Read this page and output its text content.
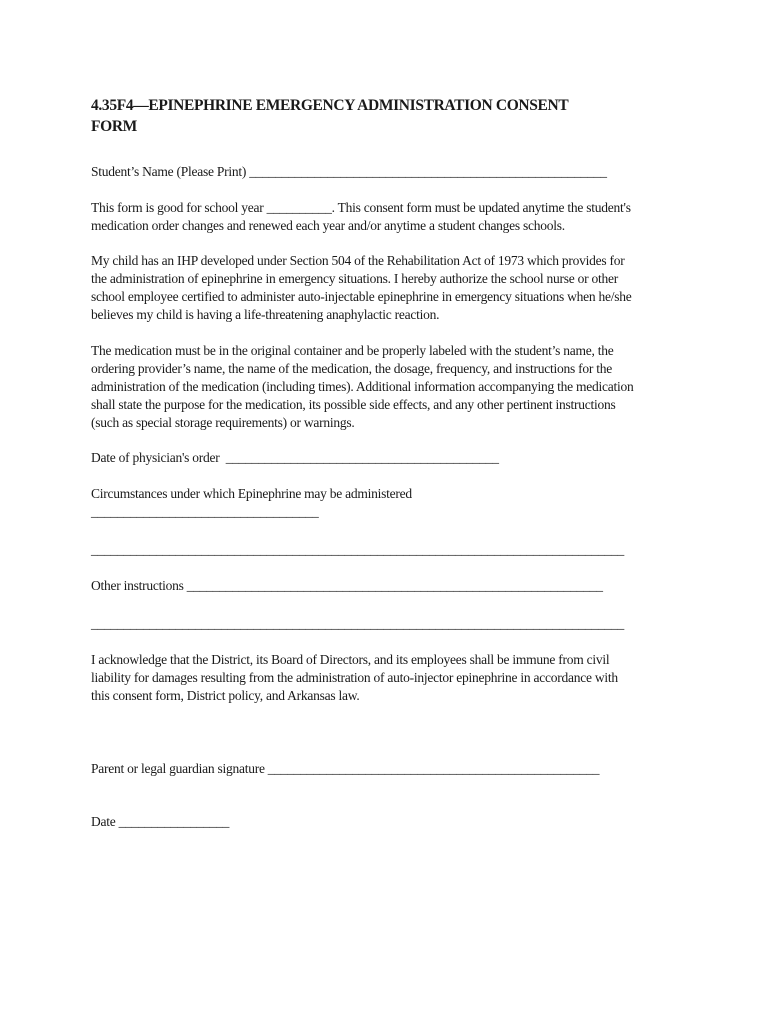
4.35F4—EPINEPHRINE EMERGENCY ADMINISTRATION CONSENT
FORM

Student’s Name (Please Print) _______________________________________________________

This form is good for school year __________. This consent form must be updated anytime the student's
medication order changes and renewed each year and/or anytime a student changes schools.

My child has an IHP developed under Section 504 of the Rehabilitation Act of 1973 which provides for
the administration of epinephrine in emergency situations. I hereby authorize the school nurse or other
school employee certified to administer auto-injectable epinephrine in emergency situations when he/she
believes my child is having a life-threatening anaphylactic reaction.

The medication must be in the original container and be properly labeled with the student’s name, the
ordering provider’s name, the name of the medication, the dosage, frequency, and instructions for the
administration of the medication (including times). Additional information accompanying the medication
shall state the purpose for the medication, its possible side effects, and any other pertinent instructions
(such as special storage requirements) or warnings.

Date of physician's order  __________________________________________

Circumstances under which Epinephrine may be administered

___________________________________

__________________________________________________________________________________

Other instructions ________________________________________________________________

__________________________________________________________________________________

I acknowledge that the District, its Board of Directors, and its employees shall be immune from civil
liability for damages resulting from the administration of auto-injector epinephrine in accordance with
this consent form, District policy, and Arkansas law.

Parent or legal guardian signature ___________________________________________________

Date _________________
